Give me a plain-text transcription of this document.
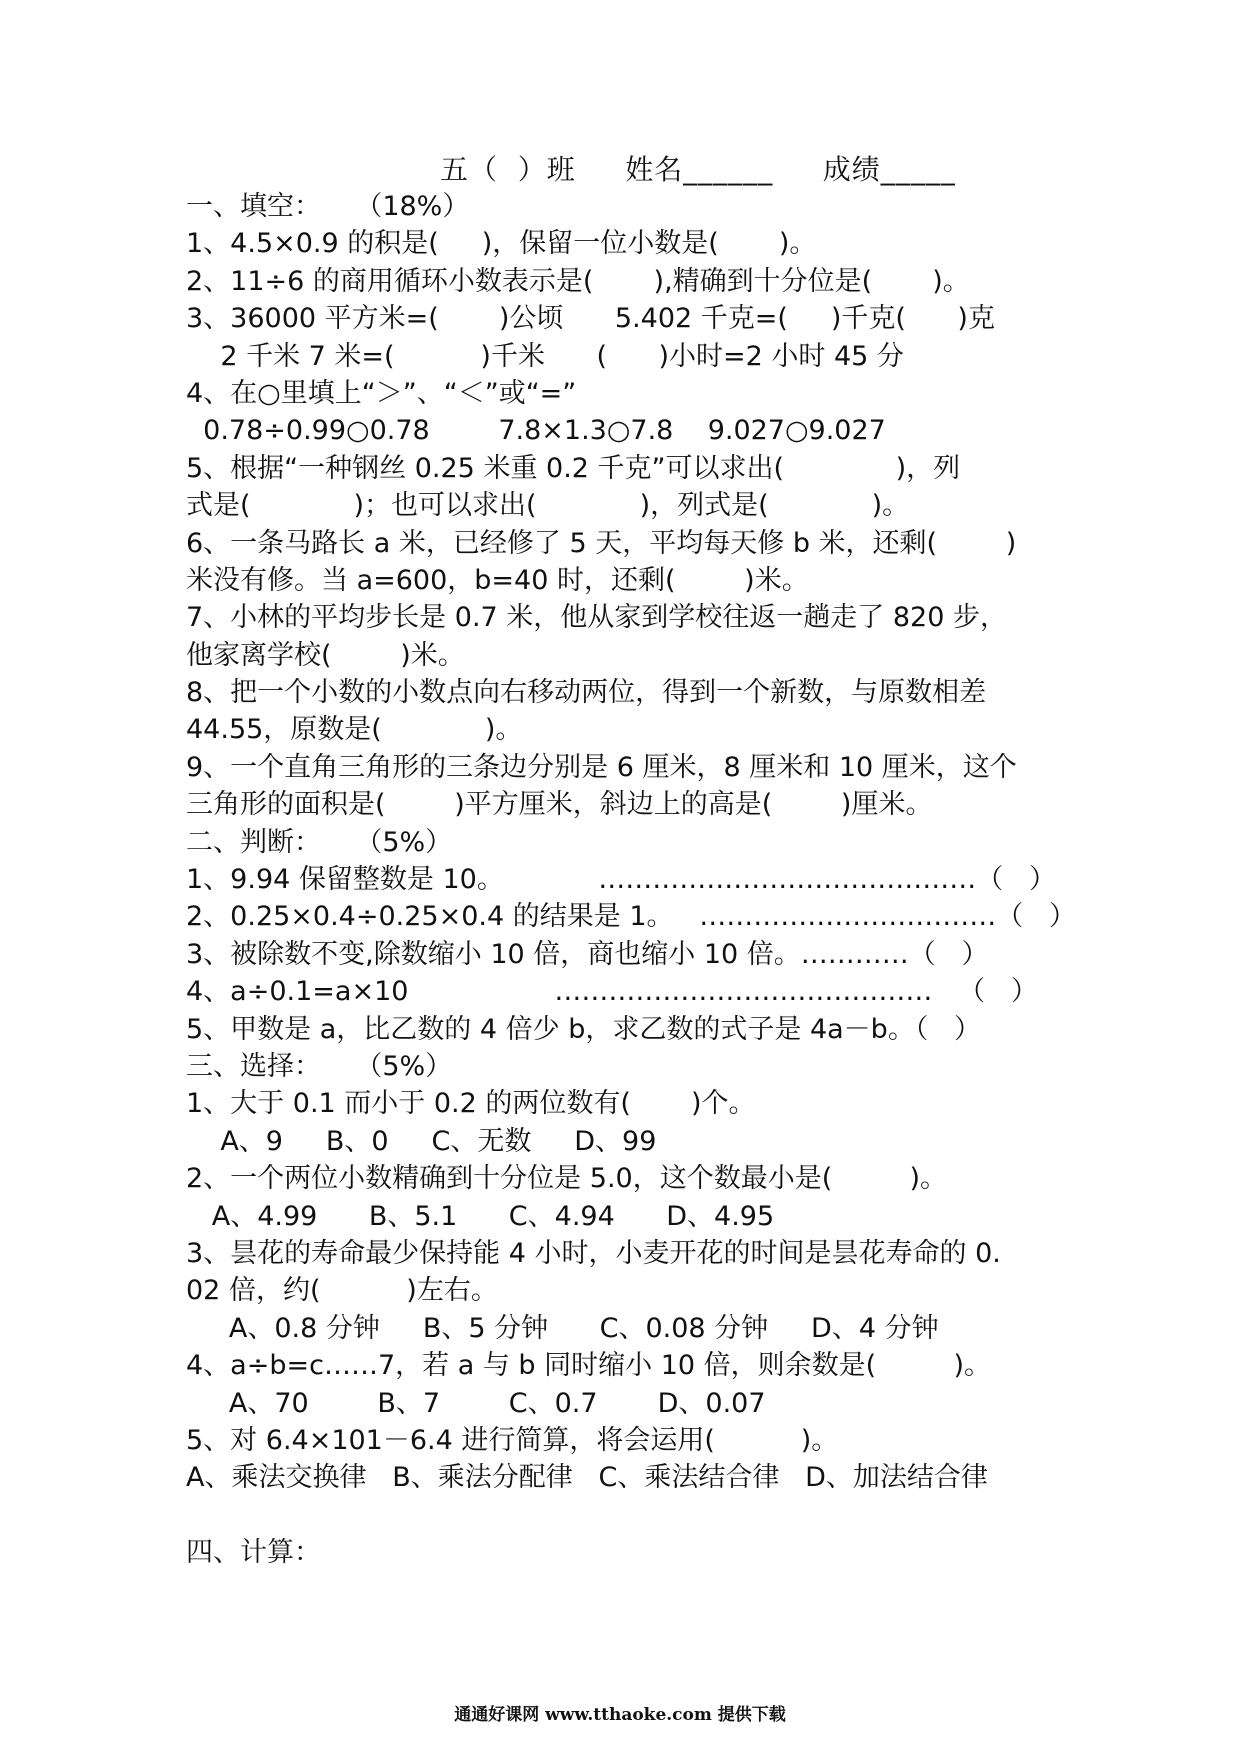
五（  ）班     姓名______     成绩_____
一、填空：    （18%）
1、4.5×0.9 的积是(     )，保留一位小数是(       )。
2、11÷6 的商用循环小数表示是(       ),精确到十分位是(       )。
3、36000 平方米=(       )公顷      5.402 千克=(     )千克(      )克
2 千米 7 米=(          )千米      (      )小时=2 小时 45 分
4、在○里填上“＞”、“＜”或“=”
0.78÷0.99○0.78        7.8×1.3○7.8    9.027○9.027
5、根据“一种钢丝 0.25 米重 0.2 千克”可以求出(             )，列
式是(            )；也可以求出(            )，列式是(            )。
6、一条马路长 a 米，已经修了 5 天，平均每天修 b 米，还剩(        )
米没有修。当 a=600，b=40 时，还剩(        )米。
7、小林的平均步长是 0.7 米，他从家到学校往返一趟走了 820 步，
他家离学校(        )米。
8、把一个小数的小数点向右移动两位，得到一个新数，与原数相差
44.55，原数是(            )。
9、一个直角三角形的三条边分别是 6 厘米，8 厘米和 10 厘米，这个
三角形的面积是(        )平方厘米，斜边上的高是(        )厘米。
二、判断：    （5%）
1、9.94 保留整数是 10。           ……………………………………（   ）
2、0.25×0.4÷0.25×0.4 的结果是 1。   ……………………………（   ）
3、被除数不变,除数缩小 10 倍，商也缩小 10 倍。…………（   ）
4、a÷0.1=a×10                 ……………………………………   （   ）
5、甲数是 a，比乙数的 4 倍少 b，求乙数的式子是 4a－b。（   ）
三、选择：    （5%）
1、大于 0.1 而小于 0.2 的两位数有(       )个。
A、9     B、0     C、无数     D、99
2、一个两位小数精确到十分位是 5.0，这个数最小是(         )。
A、4.99      B、5.1      C、4.94      D、4.95
3、昙花的寿命最少保持能 4 小时，小麦开花的时间是昙花寿命的 0.
02 倍，约(          )左右。
A、0.8 分钟     B、5 分钟      C、0.08 分钟     D、4 分钟
4、a÷b=c……7，若 a 与 b 同时缩小 10 倍，则余数是(         )。
A、70        B、7        C、0.7       D、0.07
5、对 6.4×101－6.4 进行简算，将会运用(          )。
A、乘法交换律   B、乘法分配律   C、乘法结合律   D、加法结合律
四、计算：
通通好课网 www.tthaoke.com 提供下载
